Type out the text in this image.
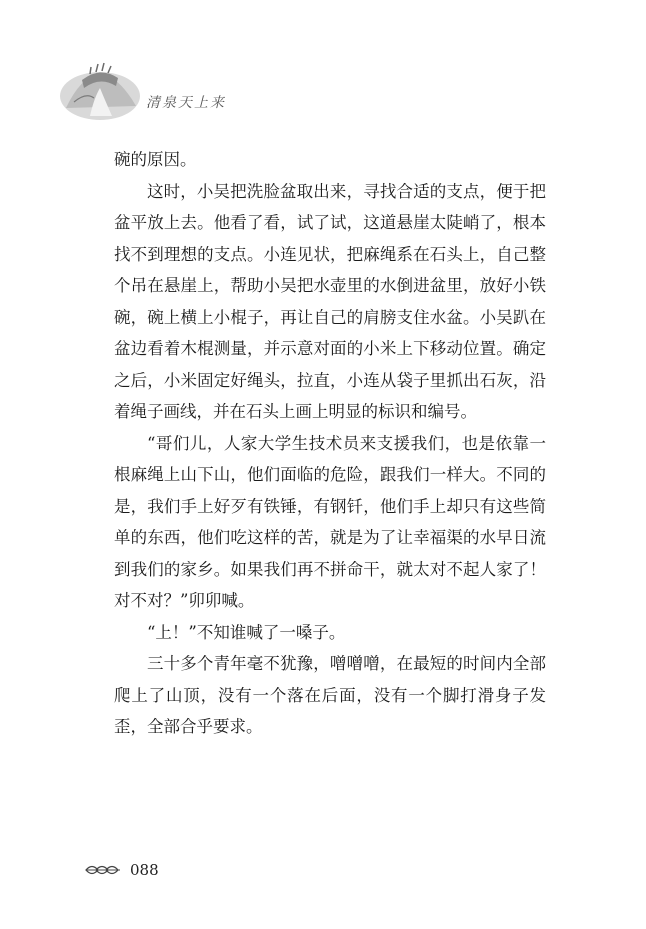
清泉天上来

碗的原因。

这时，小吴把洗脸盆取出来，寻找合适的支点，便于把盆平放上去。他看了看，试了试，这道悬崖太陡峭了，根本找不到理想的支点。小连见状，把麻绳系在石头上，自己整个吊在悬崖上，帮助小吴把水壶里的水倒进盆里，放好小铁碗，碗上横上小棍子，再让自己的肩膀支住水盆。小吴趴在盆边看着木棍测量，并示意对面的小米上下移动位置。确定之后，小米固定好绳头，拉直，小连从袋子里抓出石灰，沿着绳子画线，并在石头上画上明显的标识和编号。

“哥们儿，人家大学生技术员来支援我们，也是依靠一根麻绳上山下山，他们面临的危险，跟我们一样大。不同的是，我们手上好歹有铁锤，有钢钎，他们手上却只有这些简单的东西，他们吃这样的苦，就是为了让幸福渠的水早日流到我们的家乡。如果我们再不拼命干，就太对不起人家了！对不对？”卯卯喊。

“上！”不知谁喊了一嗓子。

三十多个青年毫不犹豫，噌噌噌，在最短的时间内全部爬上了山顶，没有一个落在后面，没有一个脚打滑身子发歪，全部合乎要求。

088
